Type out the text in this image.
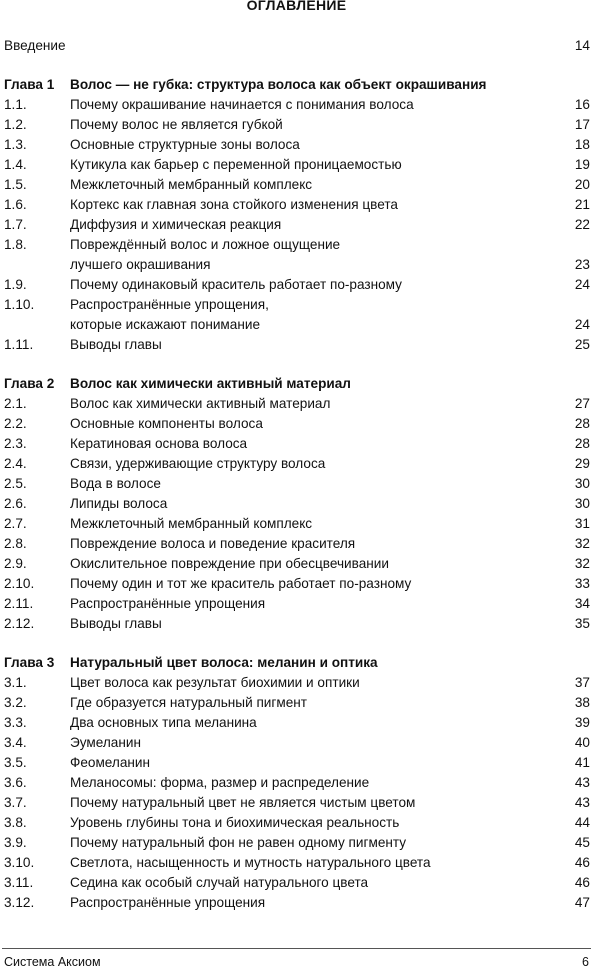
ОГЛАВЛЕНИЕ
Введение	14
Глава 1 Волос — не губка: структура волоса как объект окрашивания
1.1.	Почему окрашивание начинается с понимания волоса	16
1.2.	Почему волос не является губкой	17
1.3.	Основные структурные зоны волоса	18
1.4.	Кутикула как барьер с переменной проницаемостью	19
1.5.	Межклеточный мембранный комплекс	20
1.6.	Кортекс как главная зона стойкого изменения цвета	21
1.7.	Диффузия и химическая реакция	22
1.8.	Повреждённый волос и ложное ощущение
лучшего окрашивания	23
1.9.	Почему одинаковый краситель работает по-разному	24
1.10.	Распространённые упрощения,
которые искажают понимание	24
1.11.	Выводы главы	25
Глава 2 Волос как химически активный материал
2.1.	Волос как химически активный материал	27
2.2.	Основные компоненты волоса	28
2.3.	Кератиновая основа волоса	28
2.4.	Связи, удерживающие структуру волоса	29
2.5.	Вода в волосе	30
2.6.	Липиды волоса	30
2.7.	Межклеточный мембранный комплекс	31
2.8.	Повреждение волоса и поведение красителя	32
2.9.	Окислительное повреждение при обесцвечивании	32
2.10.	Почему один и тот же краситель работает по-разному	33
2.11.	Распространённые упрощения	34
2.12.	Выводы главы	35
Глава 3 Натуральный цвет волоса: меланин и оптика
3.1.	Цвет волоса как результат биохимии и оптики	37
3.2.	Где образуется натуральный пигмент	38
3.3.	Два основных типа меланина	39
3.4.	Эумеланин	40
3.5.	Феомеланин	41
3.6.	Меланосомы: форма, размер и распределение	43
3.7.	Почему натуральный цвет не является чистым цветом	43
3.8.	Уровень глубины тона и биохимическая реальность	44
3.9.	Почему натуральный фон не равен одному пигменту	45
3.10.	Светлота, насыщенность и мутность натурального цвета	46
3.11.	Седина как особый случай натурального цвета	46
3.12.	Распространённые упрощения	47
Система Аксиом	6
